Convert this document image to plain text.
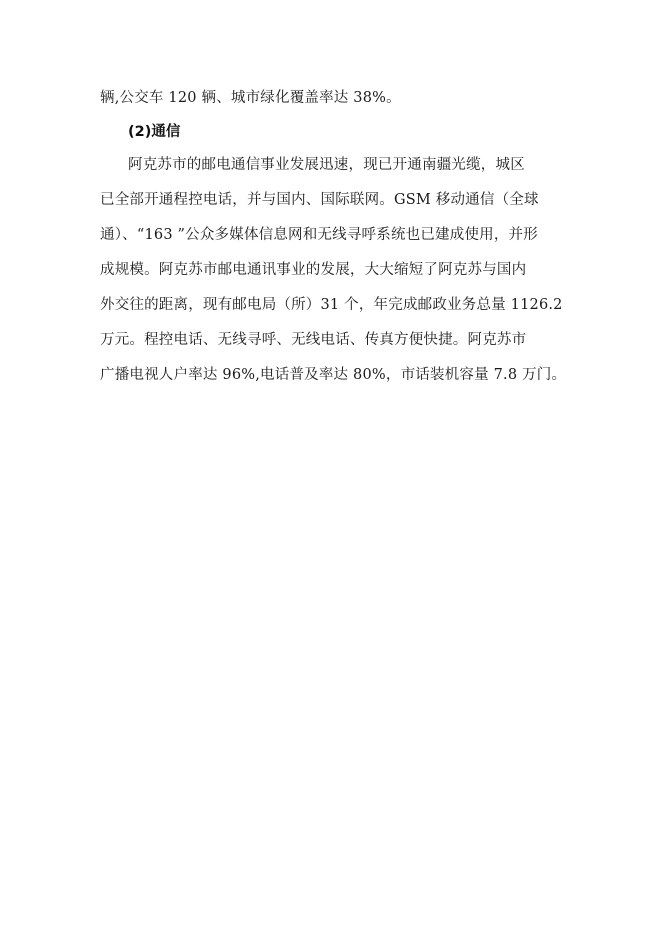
辆,公交车 120 辆、城市绿化覆盖率达 38%。
(2)通信
阿克苏市的邮电通信事业发展迅速，现已开通南疆光缆，城区
已全部开通程控电话，并与国内、国际联网。GSM 移动通信（全球
通）、“163 ”公众多媒体信息网和无线寻呼系统也已建成使用，并形
成规模。阿克苏市邮电通讯事业的发展，大大缩短了阿克苏与国内
外交往的距离，现有邮电局（所）31 个，年完成邮政业务总量 1126.2
万元。程控电话、无线寻呼、无线电话、传真方便快捷。阿克苏市
广播电视人户率达 96%,电话普及率达 80%，市话装机容量 7.8 万门。
